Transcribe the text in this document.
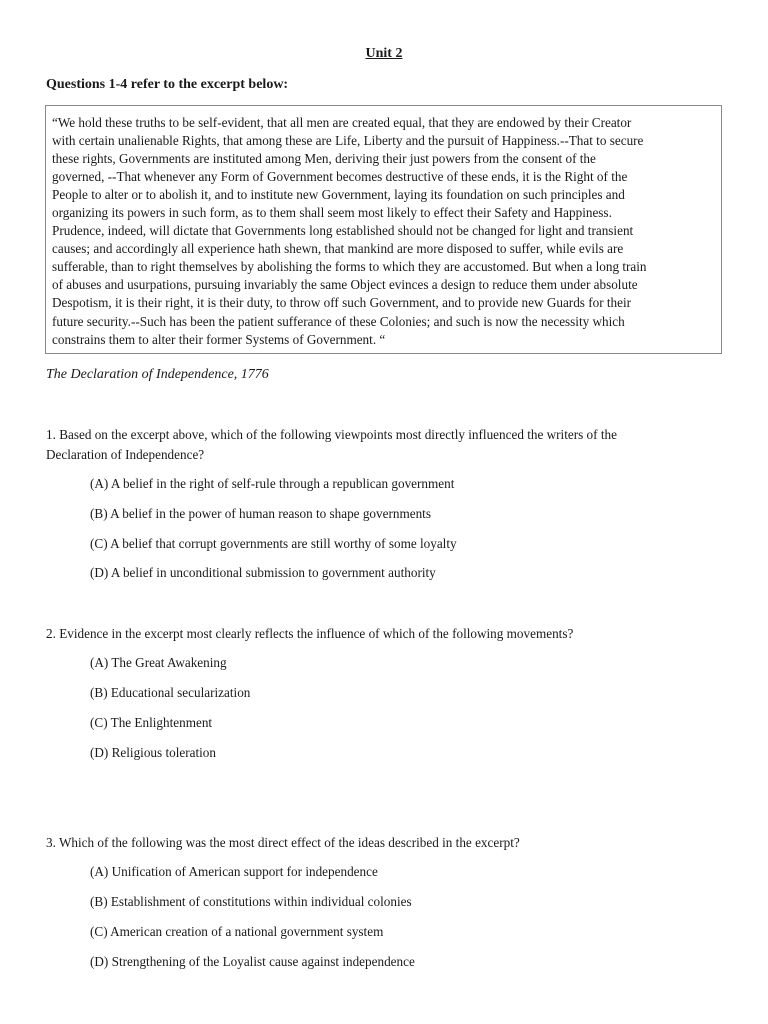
Unit 2
Questions 1-4 refer to the excerpt below:
“We hold these truths to be self-evident, that all men are created equal, that they are endowed by their Creator
with certain unalienable Rights, that among these are Life, Liberty and the pursuit of Happiness.--That to secure
these rights, Governments are instituted among Men, deriving their just powers from the consent of the
governed, --That whenever any Form of Government becomes destructive of these ends, it is the Right of the
People to alter or to abolish it, and to institute new Government, laying its foundation on such principles and
organizing its powers in such form, as to them shall seem most likely to effect their Safety and Happiness.
Prudence, indeed, will dictate that Governments long established should not be changed for light and transient
causes; and accordingly all experience hath shewn, that mankind are more disposed to suffer, while evils are
sufferable, than to right themselves by abolishing the forms to which they are accustomed. But when a long train
of abuses and usurpations, pursuing invariably the same Object evinces a design to reduce them under absolute
Despotism, it is their right, it is their duty, to throw off such Government, and to provide new Guards for their
future security.--Such has been the patient sufferance of these Colonies; and such is now the necessity which
constrains them to alter their former Systems of Government. “
The Declaration of Independence, 1776
1. Based on the excerpt above, which of the following viewpoints most directly influenced the writers of the
Declaration of Independence?
(A) A belief in the right of self-rule through a republican government
(B) A belief in the power of human reason to shape governments
(C) A belief that corrupt governments are still worthy of some loyalty
(D) A belief in unconditional submission to government authority
2. Evidence in the excerpt most clearly reflects the influence of which of the following movements?
(A) The Great Awakening
(B) Educational secularization
(C) The Enlightenment
(D) Religious toleration
3. Which of the following was the most direct effect of the ideas described in the excerpt?
(A) Unification of American support for independence
(B) Establishment of constitutions within individual colonies
(C) American creation of a national government system
(D) Strengthening of the Loyalist cause against independence
